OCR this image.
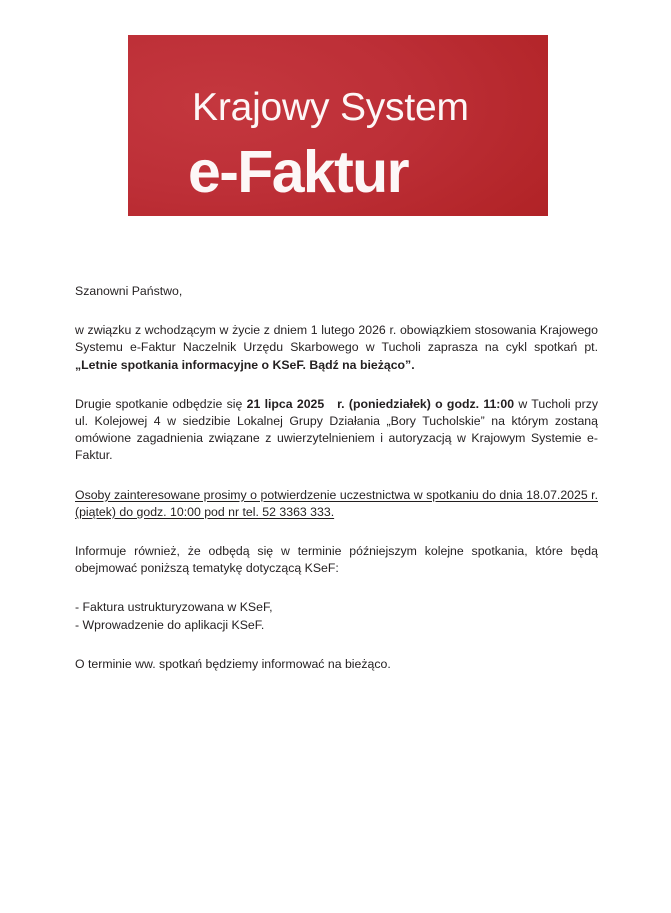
Krajowy System
e-Faktur

Szanowni Państwo,

w związku z wchodzącym w życie z dniem 1 lutego 2026 r. obowiązkiem stosowania Krajowego Systemu e-Faktur Naczelnik Urzędu Skarbowego w Tucholi zaprasza na cykl spotkań pt. „Letnie spotkania informacyjne o KSeF. Bądź na bieżąco”.

Drugie spotkanie odbędzie się 21 lipca 2025   r. (poniedziałek) o godz. 11:00 w Tucholi przy ul. Kolejowej 4 w siedzibie Lokalnej Grupy Działania „Bory Tucholskie” na którym zostaną omówione zagadnienia związane z uwierzytelnieniem i autoryzacją w Krajowym Systemie e-Faktur.

Osoby zainteresowane prosimy o potwierdzenie uczestnictwa w spotkaniu do dnia 18.07.2025 r. (piątek) do godz. 10:00 pod nr tel. 52 3363 333.

Informuje również, że odbędą się w terminie późniejszym kolejne spotkania, które będą obejmować poniższą tematykę dotyczącą KSeF:

- Faktura ustrukturyzowana w KSeF,

- Wprowadzenie do aplikacji KSeF.

O terminie ww. spotkań będziemy informować na bieżąco.
